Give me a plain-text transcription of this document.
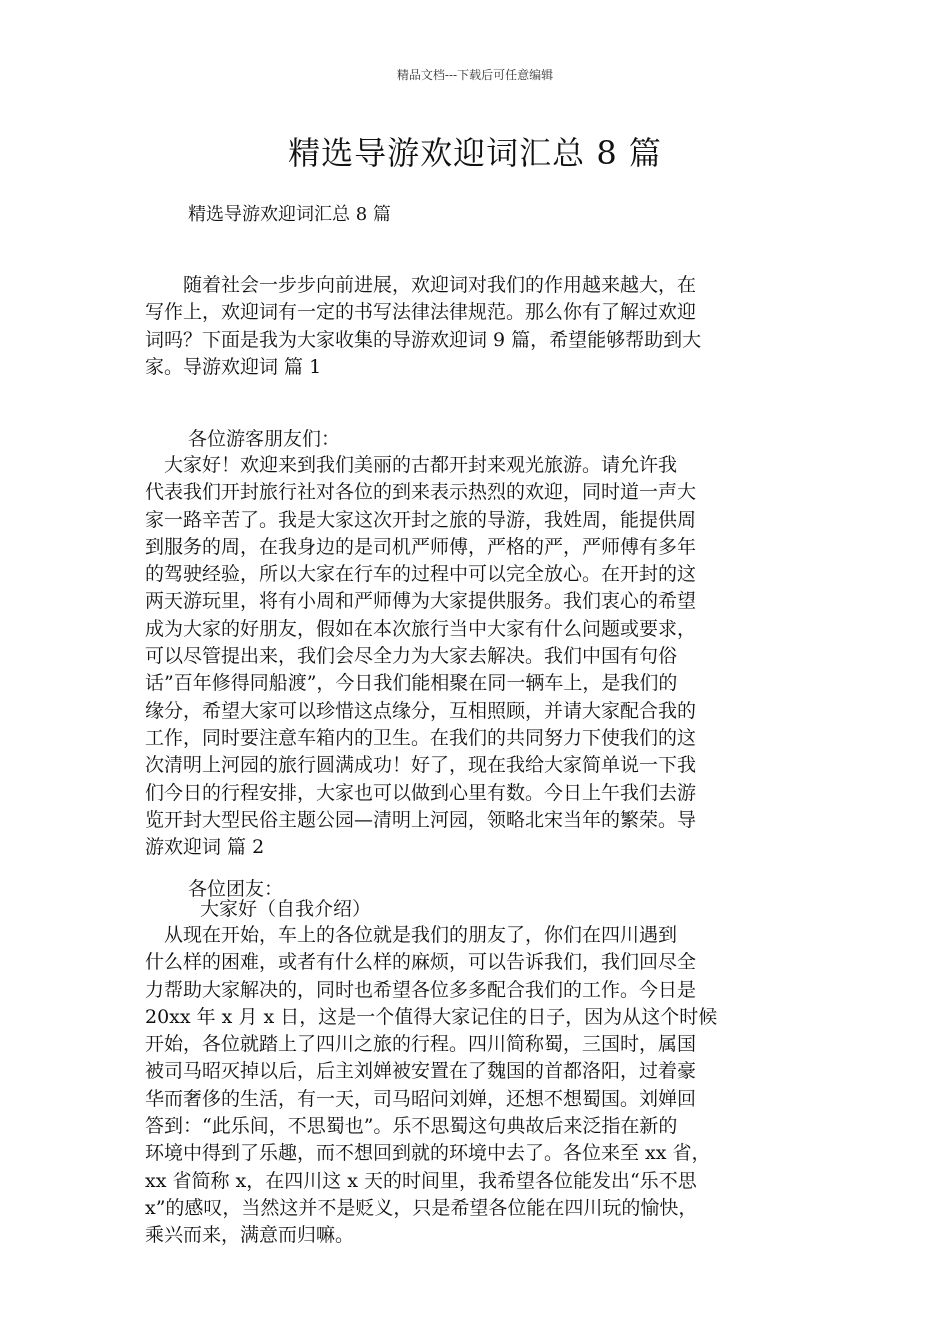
精品文档---下载后可任意编辑
精选导游欢迎词汇总 8 篇

精选导游欢迎词汇总 8 篇

　　随着社会一步步向前进展，欢迎词对我们的作用越来越大，在
写作上，欢迎词有一定的书写法律法律规范。那么你有了解过欢迎
词吗？下面是我为大家收集的导游欢迎词 9 篇，希望能够帮助到大
家。导游欢迎词 篇 1

各位游客朋友们：

　大家好！欢迎来到我们美丽的古都开封来观光旅游。请允许我
代表我们开封旅行社对各位的到来表示热烈的欢迎，同时道一声大
家一路辛苦了。我是大家这次开封之旅的导游，我姓周，能提供周
到服务的周，在我身边的是司机严师傅，严格的严，严师傅有多年
的驾驶经验，所以大家在行车的过程中可以完全放心。在开封的这
两天游玩里，将有小周和严师傅为大家提供服务。我们衷心的希望
成为大家的好朋友，假如在本次旅行当中大家有什么问题或要求，
可以尽管提出来，我们会尽全力为大家去解决。我们中国有句俗
话”百年修得同船渡”，今日我们能相聚在同一辆车上，是我们的
缘分，希望大家可以珍惜这点缘分，互相照顾，并请大家配合我的
工作，同时要注意车箱内的卫生。在我们的共同努力下使我们的这
次清明上河园的旅行圆满成功！好了，现在我给大家简单说一下我
们今日的行程安排，大家也可以做到心里有数。今日上午我们去游
览开封大型民俗主题公园—清明上河园，领略北宋当年的繁荣。导
游欢迎词 篇 2

各位团友：

大家好（自我介绍）

　从现在开始，车上的各位就是我们的朋友了，你们在四川遇到
什么样的困难，或者有什么样的麻烦，可以告诉我们，我们回尽全
力帮助大家解决的，同时也希望各位多多配合我们的工作。今日是
20xx 年 x 月 x 日，这是一个值得大家记住的日子，因为从这个时候
开始，各位就踏上了四川之旅的行程。四川简称蜀，三国时，属国
被司马昭灭掉以后，后主刘婵被安置在了魏国的首都洛阳，过着豪
华而奢侈的生活，有一天，司马昭问刘婵，还想不想蜀国。刘婵回
答到：“此乐间，不思蜀也”。乐不思蜀这句典故后来泛指在新的
环境中得到了乐趣，而不想回到就的环境中去了。各位来至 xx 省，
xx 省简称 x，在四川这 x 天的时间里，我希望各位能发出“乐不思
x”的感叹，当然这并不是贬义，只是希望各位能在四川玩的愉快，
乘兴而来，满意而归嘛。
